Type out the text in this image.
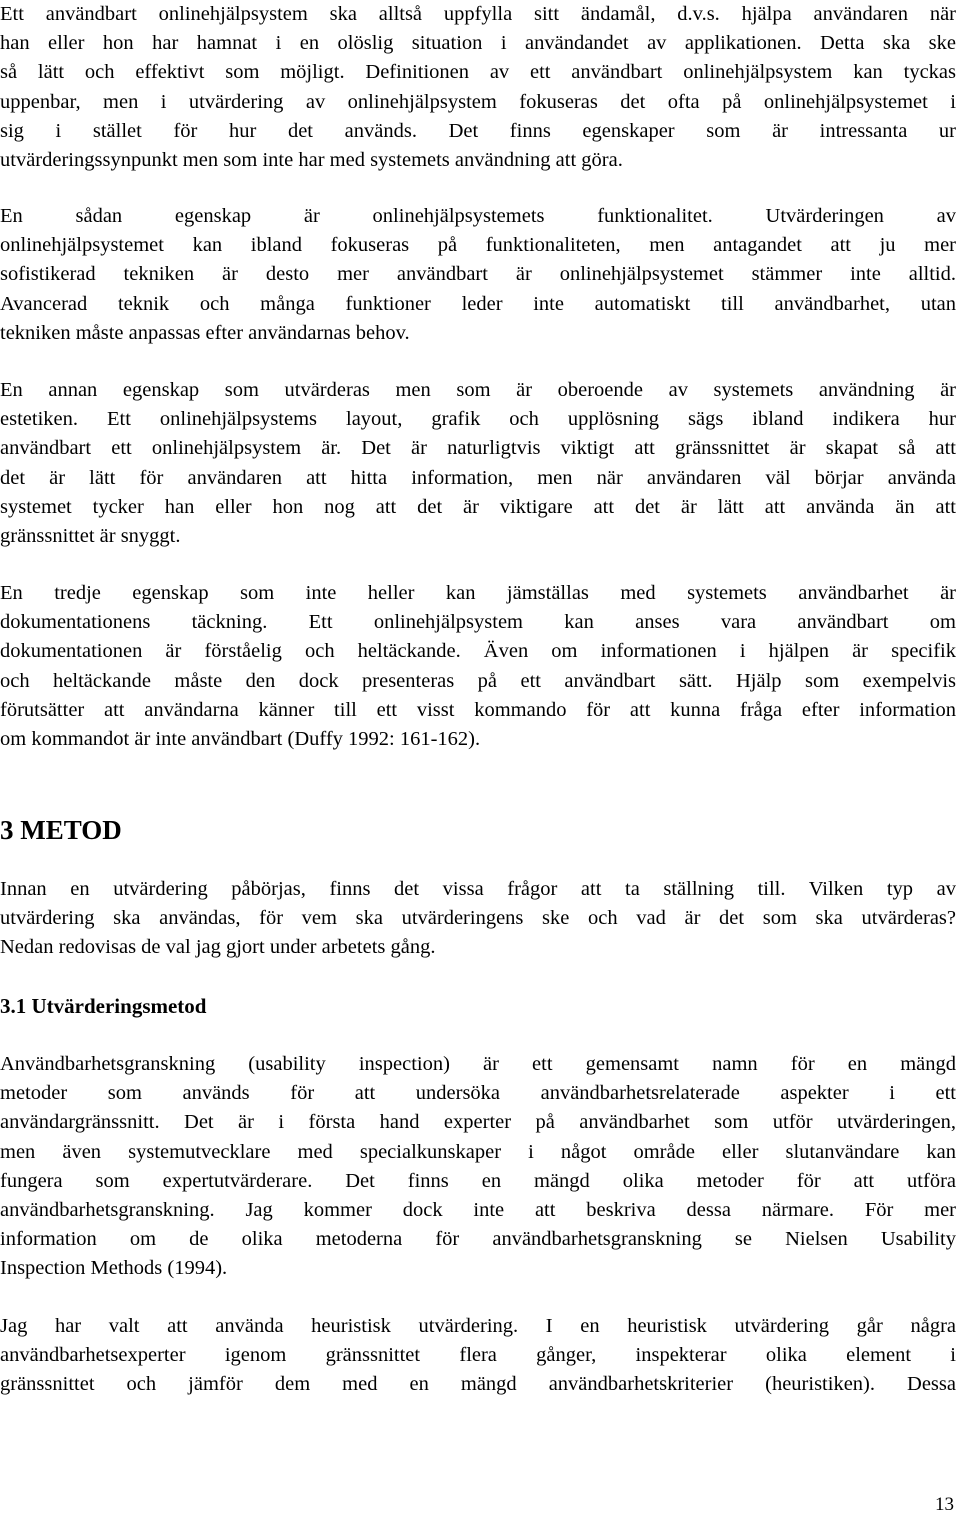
Ett användbart onlinehjälpsystem ska alltså uppfylla sitt ändamål, d.v.s. hjälpa användaren när
han eller hon har hamnat i en olöslig situation i användandet av applikationen. Detta ska ske
så lätt och effektivt som möjligt. Definitionen av ett användbart onlinehjälpsystem kan tyckas
uppenbar, men i utvärdering av onlinehjälpsystem fokuseras det ofta på onlinehjälpsystemet i
sig i stället för hur det används. Det finns egenskaper som är intressanta ur
utvärderingssynpunkt men som inte har med systemets användning att göra.
En sådan egenskap är onlinehjälpsystemets funktionalitet. Utvärderingen av
onlinehjälpsystemet kan ibland fokuseras på funktionaliteten, men antagandet att ju mer
sofistikerad tekniken är desto mer användbart är onlinehjälpsystemet stämmer inte alltid.
Avancerad teknik och många funktioner leder inte automatiskt till användbarhet, utan
tekniken måste anpassas efter användarnas behov.
En annan egenskap som utvärderas men som är oberoende av systemets användning är
estetiken. Ett onlinehjälpsystems layout, grafik och upplösning sägs ibland indikera hur
användbart ett onlinehjälpsystem är. Det är naturligtvis viktigt att gränssnittet är skapat så att
det är lätt för användaren att hitta information, men när användaren väl börjar använda
systemet tycker han eller hon nog att det är viktigare att det är lätt att använda än att
gränssnittet är snyggt.
En tredje egenskap som inte heller kan jämställas med systemets användbarhet är
dokumentationens täckning. Ett onlinehjälpsystem kan anses vara användbart om
dokumentationen är förståelig och heltäckande. Även om informationen i hjälpen är specifik
och heltäckande måste den dock presenteras på ett användbart sätt. Hjälp som exempelvis
förutsätter att användarna känner till ett visst kommando för att kunna fråga efter information
om kommandot är inte användbart (Duffy 1992: 161-162).
3 METOD
Innan en utvärdering påbörjas, finns det vissa frågor att ta ställning till. Vilken typ av
utvärdering ska användas, för vem ska utvärderingens ske och vad är det som ska utvärderas?
Nedan redovisas de val jag gjort under arbetets gång.
3.1 Utvärderingsmetod
Användbarhetsgranskning (usability inspection) är ett gemensamt namn för en mängd
metoder som används för att undersöka användbarhetsrelaterade aspekter i ett
användargränssnitt. Det är i första hand experter på användbarhet som utför utvärderingen,
men även systemutvecklare med specialkunskaper i något område eller slutanvändare kan
fungera som expertutvärderare. Det finns en mängd olika metoder för att utföra
användbarhetsgranskning. Jag kommer dock inte att beskriva dessa närmare. För mer
information om de olika metoderna för användbarhetsgranskning se Nielsen Usability
Inspection Methods (1994).
Jag har valt att använda heuristisk utvärdering. I en heuristisk utvärdering går några
användbarhetsexperter igenom gränssnittet flera gånger, inspekterar olika element i
gränssnittet och jämför dem med en mängd användbarhetskriterier (heuristiken). Dessa
13
